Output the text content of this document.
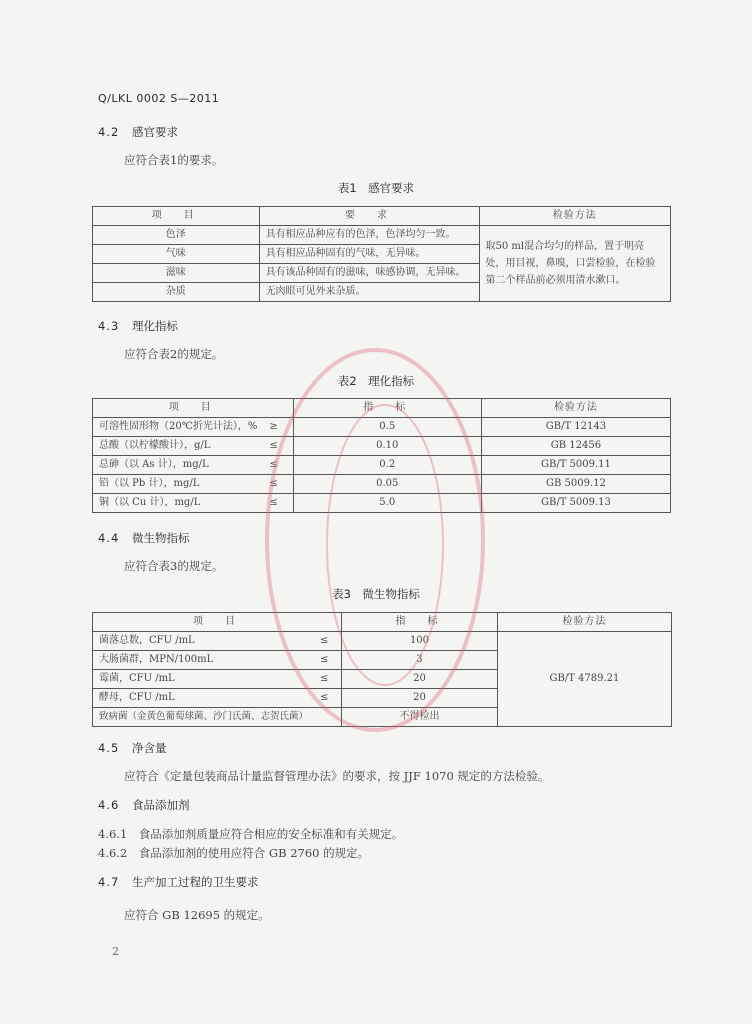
Q/LKL 0002 S—2011
4.2 感官要求
应符合表1的要求。
表1　感官要求
项　目	要　求	检验方法
色泽	具有相应品种应有的色泽，色泽均匀一致。	取50 ml混合均匀的样品，置于明亮处，用目视，鼻嗅，口尝检验，在检验第二个样品前必须用清水漱口。
气味	具有相应品种固有的气味，无异味。	
滋味	具有该品种固有的滋味，味感协调，无异味。	
杂质	无肉眼可见外来杂质。	
4.3 理化指标
应符合表2的规定。
表2　理化指标
项　目		指　标	检验方法
可溶性固形物（20℃折光计法），%	≥	0.5	GB/T 12143
总酸（以柠檬酸计），g/L	≤	0.10	GB 12456
总砷（以 As 计），mg/L	≤	0.2	GB/T 5009.11
铅（以 Pb 计），mg/L	≤	0.05	GB 5009.12
铜（以 Cu 计），mg/L	≤	5.0	GB/T 5009.13
4.4 微生物指标
应符合表3的规定。
表3　微生物指标
项　目		指　标	检验方法
菌落总数，CFU /mL	≤	100	GB/T 4789.21
大肠菌群，MPN/100mL	≤	3	
霉菌，CFU /mL	≤	20	
酵母，CFU /mL	≤	20	
致病菌（金黄色葡萄球菌、沙门氏菌、志贺氏菌）		不得检出	
4.5 净含量
应符合《定量包装商品计量监督管理办法》的要求，按 JJF 1070 规定的方法检验。
4.6 食品添加剂
4.6.1　食品添加剂质量应符合相应的安全标准和有关规定。
4.6.2　食品添加剂的使用应符合 GB 2760 的规定。
4.7 生产加工过程的卫生要求
应符合 GB 12695 的规定。
2
